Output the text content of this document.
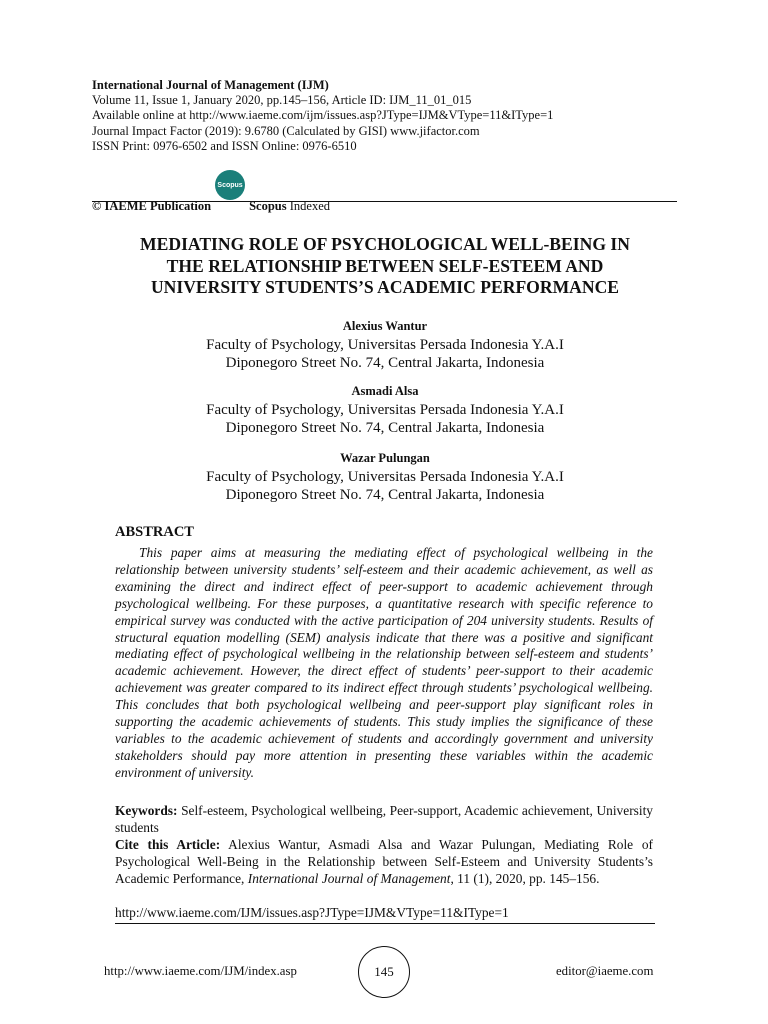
International Journal of Management (IJM)
Volume 11, Issue 1, January 2020, pp.145–156, Article ID: IJM_11_01_015
Available online at http://www.iaeme.com/ijm/issues.asp?JType=IJM&VType=11&IType=1
Journal Impact Factor (2019): 9.6780 (Calculated by GISI) www.jifactor.com
ISSN Print: 0976-6502 and ISSN Online: 0976-6510
© IAEME Publication
Scopus
Scopus Indexed
MEDIATING ROLE OF PSYCHOLOGICAL WELL-BEING IN
THE RELATIONSHIP BETWEEN SELF-ESTEEM AND
UNIVERSITY STUDENTS’S ACADEMIC PERFORMANCE
Alexius Wantur
Faculty of Psychology, Universitas Persada Indonesia Y.A.I
Diponegoro Street No. 74, Central Jakarta, Indonesia
Asmadi Alsa
Faculty of Psychology, Universitas Persada Indonesia Y.A.I
Diponegoro Street No. 74, Central Jakarta, Indonesia
Wazar Pulungan
Faculty of Psychology, Universitas Persada Indonesia Y.A.I
Diponegoro Street No. 74, Central Jakarta, Indonesia
ABSTRACT

This paper aims at measuring the mediating effect of psychological wellbeing in the relationship between university students’ self-esteem and their academic achievement, as well as examining the direct and indirect effect of peer-support to academic achievement through psychological wellbeing. For these purposes, a quantitative research with specific reference to empirical survey was conducted with the active participation of 204 university students. Results of structural equation modelling (SEM) analysis indicate that there was a positive and significant mediating effect of psychological wellbeing in the relationship between self-esteem and students’ academic achievement. However, the direct effect of students’ peer-support to their academic achievement was greater compared to its indirect effect through students’ psychological wellbeing. This concludes that both psychological wellbeing and peer-support play significant roles in supporting the academic achievements of students. This study implies the significance of these variables to the academic achievement of students and accordingly government and university stakeholders should pay more attention in presenting these variables within the academic environment of university.

Keywords: Self-esteem, Psychological wellbeing, Peer-support, Academic achievement, University students

Cite this Article: Alexius Wantur, Asmadi Alsa and Wazar Pulungan, Mediating Role of Psychological Well-Being in the Relationship between Self-Esteem and University Students’s Academic Performance, International Journal of Management, 11 (1), 2020, pp. 145–156.

http://www.iaeme.com/IJM/issues.asp?JType=IJM&VType=11&IType=1
http://www.iaeme.com/IJM/index.asp	145	editor@iaeme.com
